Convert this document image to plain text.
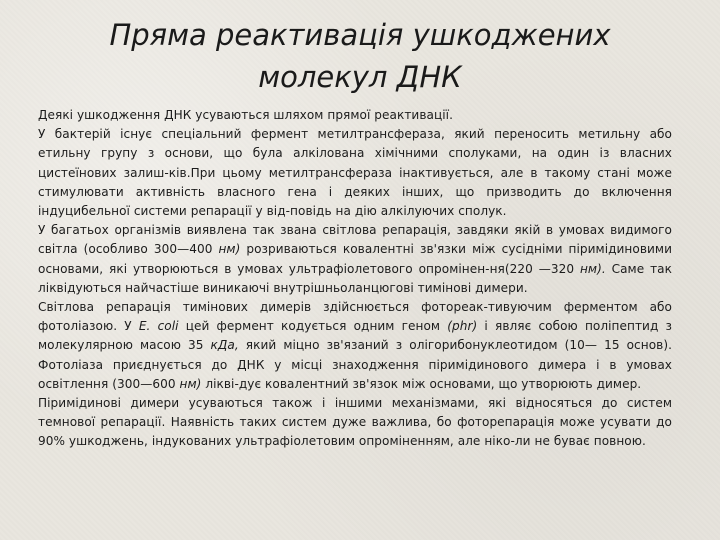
Пряма реактивація ушкоджених
молекул ДНК

Деякі ушкодження ДНК усуваються шляхом прямої реактивації.

У бактерій існує спеціальний фермент метилтрансфераза, який переносить метильну або етильну групу з основи, що була алкілована хімічними сполуками, на один із власних цистеїнових залиш-ків.При цьому метилтрансфераза інактивується, але в такому стані може стимулювати активність власного гена і деяких інших, що призводить до включення індуцибельної системи репарації у від-повідь на дію алкілуючих сполук.

У багатьох організмів виявлена так звана світлова репарація, завдяки якій в умовах видимого світла (особливо 300—400 нм) розриваються ковалентні зв'язки між сусідніми піримідиновими основами, які утворюються в умовах ультрафіолетового опромінен-ня(220 —320 нм). Саме так ліквідуються найчастіше виникаючі внутрішньоланцюгові тимінові димери.

Світлова репарація тимінових димерів здійснюється фотореак-тивуючим ферментом або фотоліазою. У E. coli цей фермент кодується одним геном (phr) і являє собою поліпептид з молекулярною масою 35 кДа, який міцно зв'язаний з олігорибонуклеотидом (10— 15 основ). Фотоліаза приєднується до ДНК у місці знаходження піримідинового димера і в умовах освітлення (300—600 нм) ліквi-дує ковалентний зв'язок між основами, що утворюють димер.

Піримідинові димери усуваються також і іншими механізмами, які відносяться до систем темнової репарації. Наявність таких систем дуже важлива, бо фоторепарація може усувати до 90% ушкоджень, індукованих ультрафіолетовим опроміненням, але ніко-ли не буває повною.
